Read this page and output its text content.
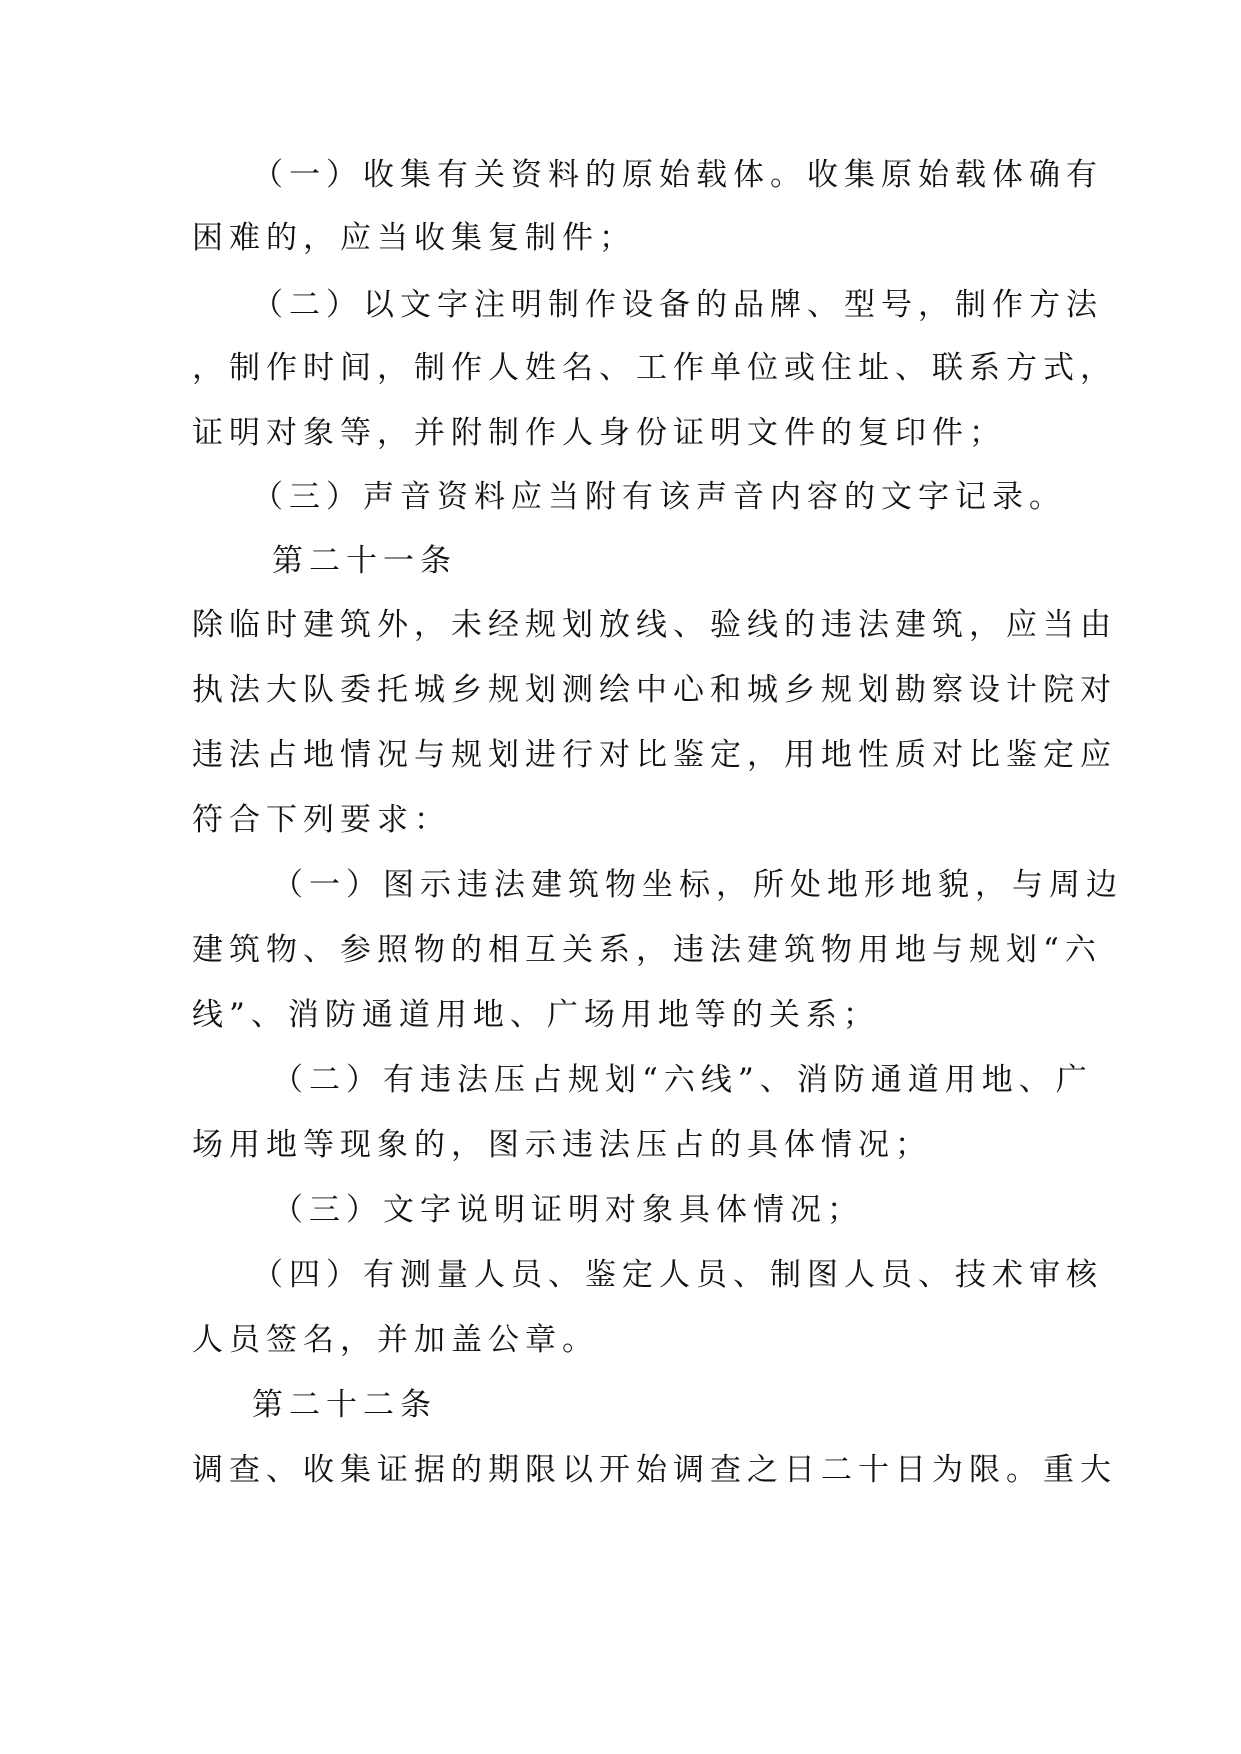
（一）收集有关资料的原始载体。收集原始载体确有
困难的，应当收集复制件；
（二）以文字注明制作设备的品牌、型号，制作方法
，制作时间，制作人姓名、工作单位或住址、联系方式，
证明对象等，并附制作人身份证明文件的复印件；
（三）声音资料应当附有该声音内容的文字记录。
第二十一条
除临时建筑外，未经规划放线、验线的违法建筑，应当由
执法大队委托城乡规划测绘中心和城乡规划勘察设计院对
违法占地情况与规划进行对比鉴定，用地性质对比鉴定应
符合下列要求：
（一）图示违法建筑物坐标，所处地形地貌，与周边
建筑物、参照物的相互关系，违法建筑物用地与规划“六
线”、消防通道用地、广场用地等的关系；
（二）有违法压占规划“六线”、消防通道用地、广
场用地等现象的，图示违法压占的具体情况；
（三）文字说明证明对象具体情况；
（四）有测量人员、鉴定人员、制图人员、技术审核
人员签名，并加盖公章。
第二十二条
调查、收集证据的期限以开始调查之日二十日为限。重大
